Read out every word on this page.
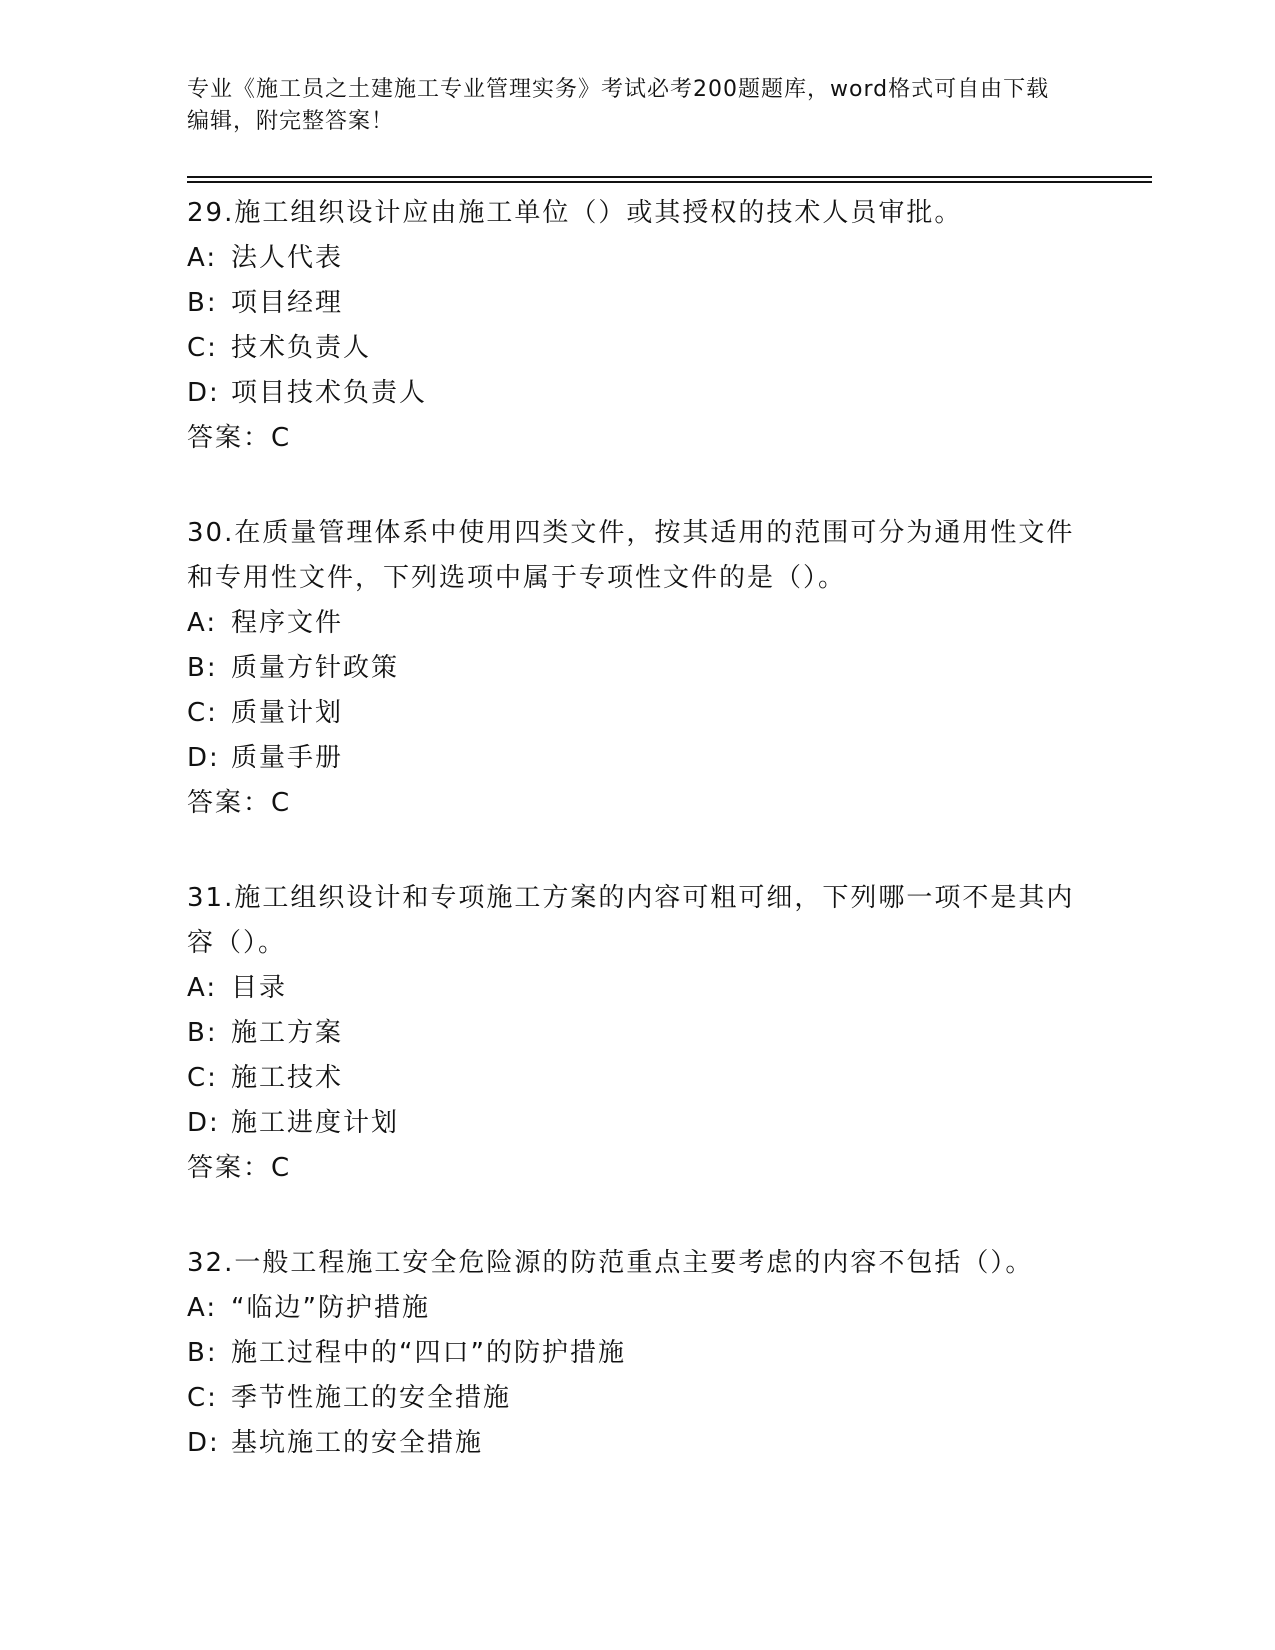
专业《施工员之土建施工专业管理实务》考试必考200题题库，word格式可自由下载编辑，附完整答案！

29.施工组织设计应由施工单位（）或其授权的技术人员审批。

A: 法人代表

B: 项目经理

C: 技术负责人

D: 项目技术负责人

答案：C

30.在质量管理体系中使用四类文件，按其适用的范围可分为通用性文件和专用性文件，下列选项中属于专项性文件的是（）。

A: 程序文件

B: 质量方针政策

C: 质量计划

D: 质量手册

答案：C

31.施工组织设计和专项施工方案的内容可粗可细，下列哪一项不是其内容（）。

A: 目录

B: 施工方案

C: 施工技术

D: 施工进度计划

答案：C

32.一般工程施工安全危险源的防范重点主要考虑的内容不包括（）。

A: “临边”防护措施

B: 施工过程中的“四口”的防护措施

C: 季节性施工的安全措施

D: 基坑施工的安全措施
